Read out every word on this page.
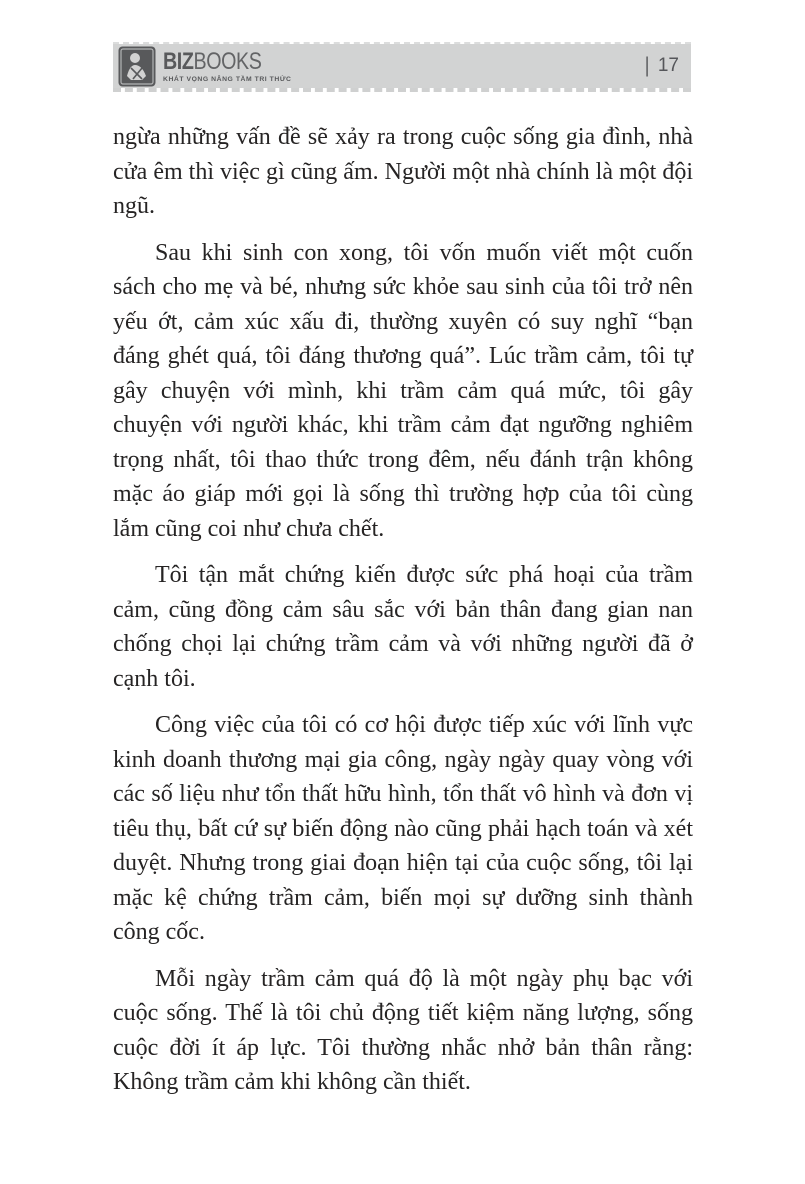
BIZBOOKS
KHÁT VỌNG NÂNG TẦM TRI THỨC
| 17

ngừa những vấn đề sẽ xảy ra trong cuộc sống gia đình, nhà cửa êm thì việc gì cũng ấm. Người một nhà chính là một đội ngũ.

Sau khi sinh con xong, tôi vốn muốn viết một cuốn sách cho mẹ và bé, nhưng sức khỏe sau sinh của tôi trở nên yếu ớt, cảm xúc xấu đi, thường xuyên có suy nghĩ “bạn đáng ghét quá, tôi đáng thương quá”. Lúc trầm cảm, tôi tự gây chuyện với mình, khi trầm cảm quá mức, tôi gây chuyện với người khác, khi trầm cảm đạt ngưỡng nghiêm trọng nhất, tôi thao thức trong đêm, nếu đánh trận không mặc áo giáp mới gọi là sống thì trường hợp của tôi cùng lắm cũng coi như chưa chết.

Tôi tận mắt chứng kiến được sức phá hoại của trầm cảm, cũng đồng cảm sâu sắc với bản thân đang gian nan chống chọi lại chứng trầm cảm và với những người đã ở cạnh tôi.

Công việc của tôi có cơ hội được tiếp xúc với lĩnh vực kinh doanh thương mại gia công, ngày ngày quay vòng với các số liệu như tổn thất hữu hình, tổn thất vô hình và đơn vị tiêu thụ, bất cứ sự biến động nào cũng phải hạch toán và xét duyệt. Nhưng trong giai đoạn hiện tại của cuộc sống, tôi lại mặc kệ chứng trầm cảm, biến mọi sự dưỡng sinh thành công cốc.

Mỗi ngày trầm cảm quá độ là một ngày phụ bạc với cuộc sống. Thế là tôi chủ động tiết kiệm năng lượng, sống cuộc đời ít áp lực. Tôi thường nhắc nhở bản thân rằng: Không trầm cảm khi không cần thiết.
